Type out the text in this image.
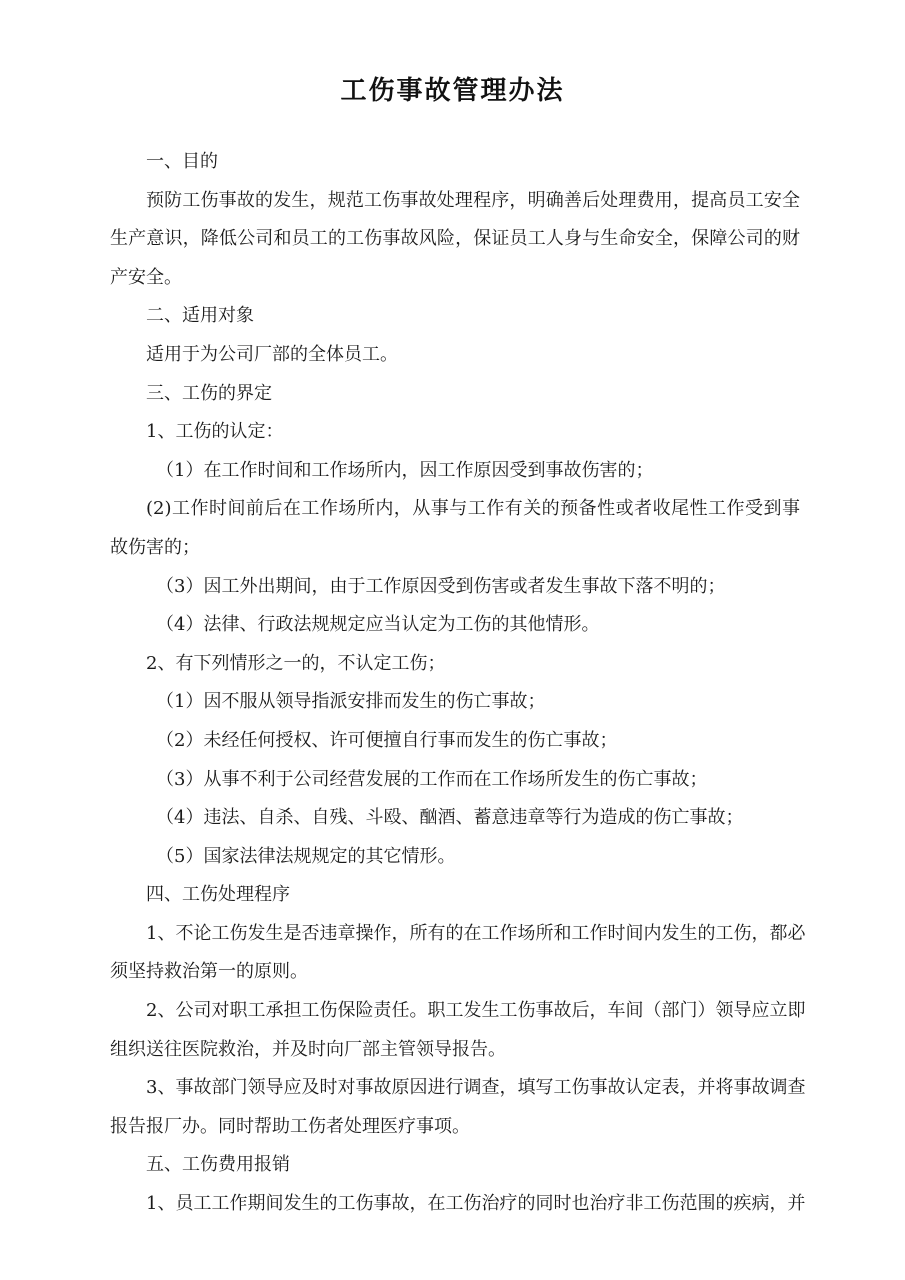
工伤事故管理办法
一、目的
预防工伤事故的发生，规范工伤事故处理程序，明确善后处理费用，提高员工安全
生产意识，降低公司和员工的工伤事故风险，保证员工人身与生命安全，保障公司的财
产安全。
二、适用对象
适用于为公司厂部的全体员工。
三、工伤的界定
1、工伤的认定：
（1）在工作时间和工作场所内，因工作原因受到事故伤害的；
(2)工作时间前后在工作场所内，从事与工作有关的预备性或者收尾性工作受到事
故伤害的；
（3）因工外出期间，由于工作原因受到伤害或者发生事故下落不明的；
（4）法律、行政法规规定应当认定为工伤的其他情形。
2、有下列情形之一的，不认定工伤；
（1）因不服从领导指派安排而发生的伤亡事故；
（2）未经任何授权、许可便擅自行事而发生的伤亡事故；
（3）从事不利于公司经营发展的工作而在工作场所发生的伤亡事故；
（4）违法、自杀、自残、斗殴、酗酒、蓄意违章等行为造成的伤亡事故；
（5）国家法律法规规定的其它情形。
四、工伤处理程序
1、不论工伤发生是否违章操作，所有的在工作场所和工作时间内发生的工伤，都必
须坚持救治第一的原则。
2、公司对职工承担工伤保险责任。职工发生工伤事故后，车间（部门）领导应立即
组织送往医院救治，并及时向厂部主管领导报告。
3、事故部门领导应及时对事故原因进行调查，填写工伤事故认定表，并将事故调查
报告报厂办。同时帮助工伤者处理医疗事项。
五、工伤费用报销
1、员工工作期间发生的工伤事故，在工伤治疗的同时也治疗非工伤范围的疾病，并
